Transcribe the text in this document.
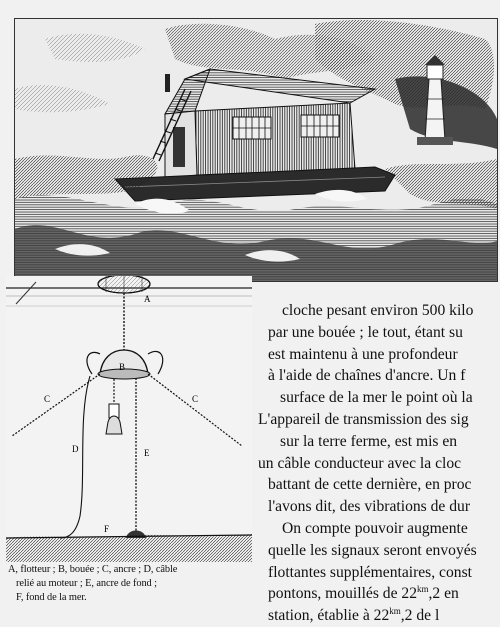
A
B
C	C
D	E
F

A, flotteur ; B, bouée ; C, ancre ; D, câble

relié au moteur ; E, ancre de fond ;

F, fond de la mer.

cloche pesant environ 500 kilo
par une bouée ; le tout, étant su
est maintenu à une profondeur
à l'aide de chaînes d'ancre. Un f
surface de la mer le point où la
L'appareil de transmission des sig
sur la terre ferme, est mis en
un câble conducteur avec la cloc
battant de cette dernière, en proc
l'avons dit, des vibrations de dur
On compte pouvoir augmente
quelle les signaux seront envoyés
flottantes supplémentaires, const
pontons, mouillés de $22^{km},2$ en
station, établie à $22^{km},2$ de l
